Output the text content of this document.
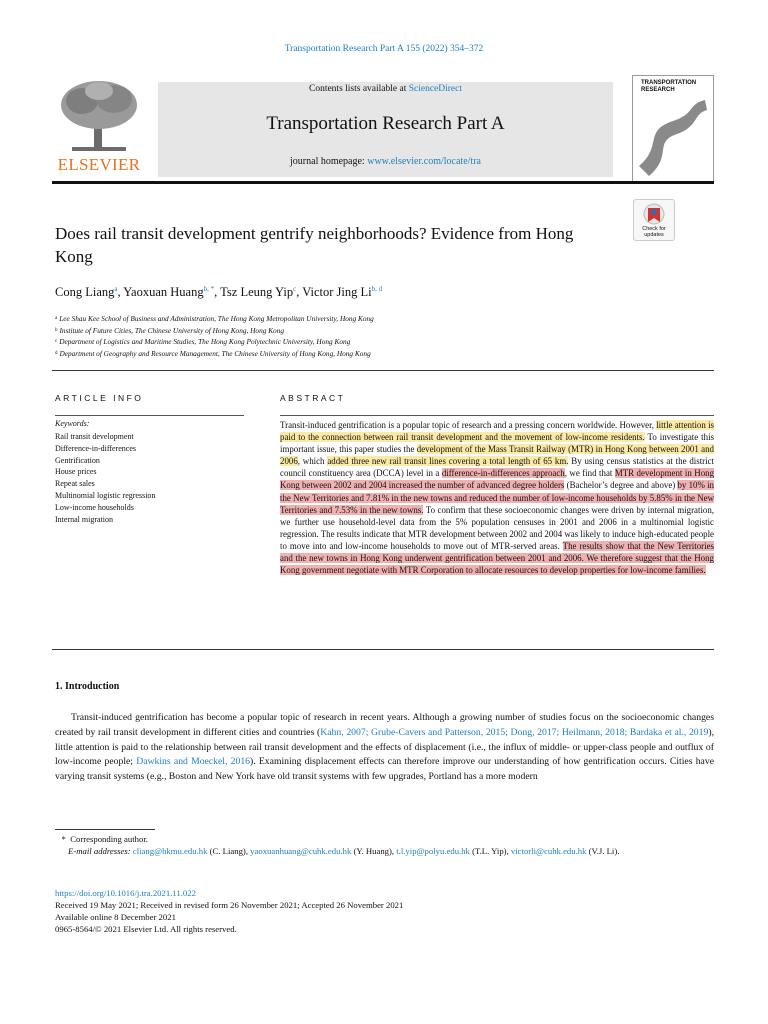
Transportation Research Part A 155 (2022) 354–372
ELSEVIER
Contents lists available at ScienceDirect
Transportation Research Part A
journal homepage: www.elsevier.com/locate/tra
TRANSPORTATION RESEARCH
Check for updates
Does rail transit development gentrify neighborhoods? Evidence from Hong Kong
Cong Liang$^a$, Yaoxuan Huang$^{b, *}$, Tsz Leung Yip$^c$, Victor Jing Li$^{b, d}$
$^a$ Lee Shau Kee School of Business and Administration, The Hong Kong Metropolitan University, Hong Kong
$^b$ Institute of Future Cities, The Chinese University of Hong Kong, Hong Kong
$^c$ Department of Logistics and Maritime Studies, The Hong Kong Polytechnic University, Hong Kong
$^d$ Department of Geography and Resource Management, The Chinese University of Hong Kong, Hong Kong
ARTICLE INFO
Keywords:
Rail transit development
Difference-in-differences
Gentrification
House prices
Repeat sales
Multinomial logistic regression
Low-income households
Internal migration
ABSTRACT
Transit-induced gentrification is a popular topic of research and a pressing concern worldwide. However, little attention is paid to the connection between rail transit development and the movement of low-income residents. To investigate this important issue, this paper studies the development of the Mass Transit Railway (MTR) in Hong Kong between 2001 and 2006, which added three new rail transit lines covering a total length of 65 km. By using census statistics at the district council constituency area (DCCA) level in a difference-in-differences approach, we find that MTR development in Hong Kong between 2002 and 2004 increased the number of advanced degree holders (Bachelor’s degree and above) by 10% in the New Territories and 7.81% in the new towns and reduced the number of low-income households by 5.85% in the New Territories and 7.53% in the new towns. To confirm that these socioeconomic changes were driven by internal migration, we further use household-level data from the 5% population censuses in 2001 and 2006 in a multinomial logistic regression. The results indicate that MTR development between 2002 and 2004 was likely to induce high-educated people to move into and low-income households to move out of MTR-served areas. The results show that the New Territories and the new towns in Hong Kong underwent gentrification between 2001 and 2006. We therefore suggest that the Hong Kong government negotiate with MTR Corporation to allocate resources to develop properties for low-income families.
1. Introduction
Transit-induced gentrification has become a popular topic of research in recent years. Although a growing number of studies focus on the socioeconomic changes created by rail transit development in different cities and countries (Kahn, 2007; Grube-Cavers and Patterson, 2015; Dong, 2017; Heilmann, 2018; Bardaka et al., 2019), little attention is paid to the relationship between rail transit development and the effects of displacement (i.e., the influx of middle- or upper-class people and outflux of low-income people; Dawkins and Moeckel, 2016). Examining displacement effects can therefore improve our understanding of how gentrification occurs. Cities have varying transit systems (e.g., Boston and New York have old transit systems with few upgrades, Portland has a more modern
* Corresponding author.
E-mail addresses: cliang@hkmu.edu.hk (C. Liang), yaoxuanhuang@cuhk.edu.hk (Y. Huang), t.l.yip@polyu.edu.hk (T.L. Yip), victorli@cuhk.edu.hk (V.J. Li).
https://doi.org/10.1016/j.tra.2021.11.022
Received 19 May 2021; Received in revised form 26 November 2021; Accepted 26 November 2021
Available online 8 December 2021
0965-8564/© 2021 Elsevier Ltd. All rights reserved.
